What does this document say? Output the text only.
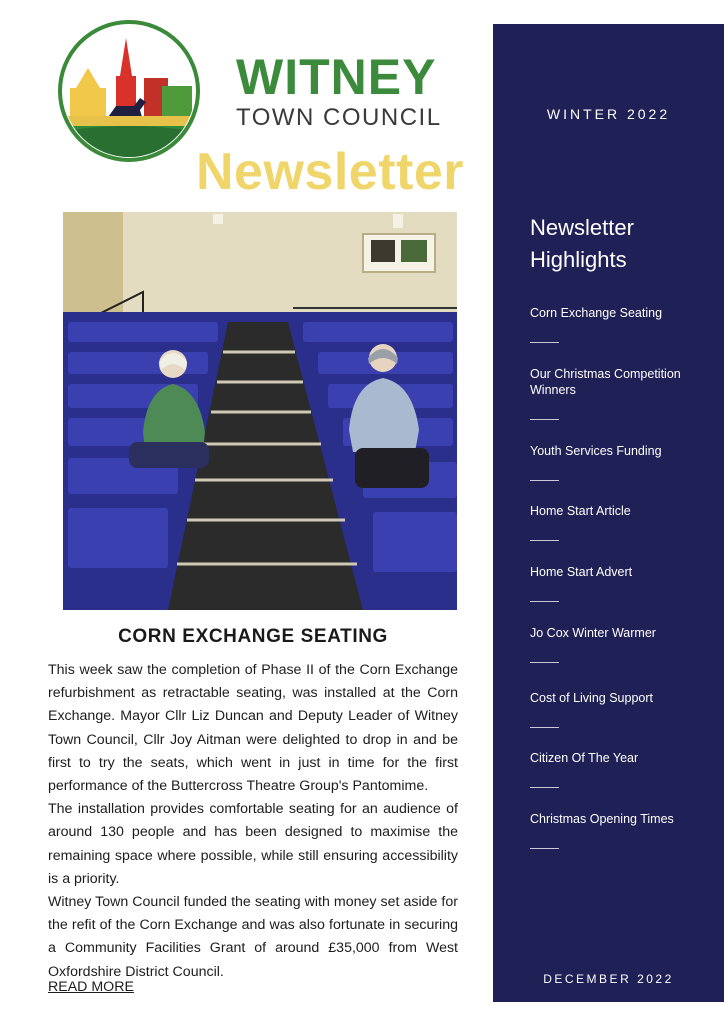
WITNEY
TOWN COUNCIL
Newsletter
CORN EXCHANGE SEATING

This week saw the completion of Phase II of the Corn Exchange refurbishment as retractable seating, was installed at the Corn Exchange. Mayor Cllr Liz Duncan and Deputy Leader of Witney Town Council, Cllr Joy Aitman were delighted to drop in and be first to try the seats, which went in just in time for the first performance of the Buttercross Theatre Group's Pantomime.

The installation provides comfortable seating for an audience of around 130 people and has been designed to maximise the remaining space where possible, while still ensuring accessibility is a priority.

Witney Town Council funded the seating with money set aside for the refit of the Corn Exchange and was also fortunate in securing a Community Facilities Grant of around £35,000 from West Oxfordshire District Council.

READ MORE
WINTER 2022
Newsletter Highlights
Corn Exchange Seating
Our Christmas Competition Winners
Youth Services Funding
Home Start Article
Home Start Advert
Jo Cox Winter Warmer
Cost of Living Support
Citizen Of The Year
Christmas Opening Times
DECEMBER 2022
